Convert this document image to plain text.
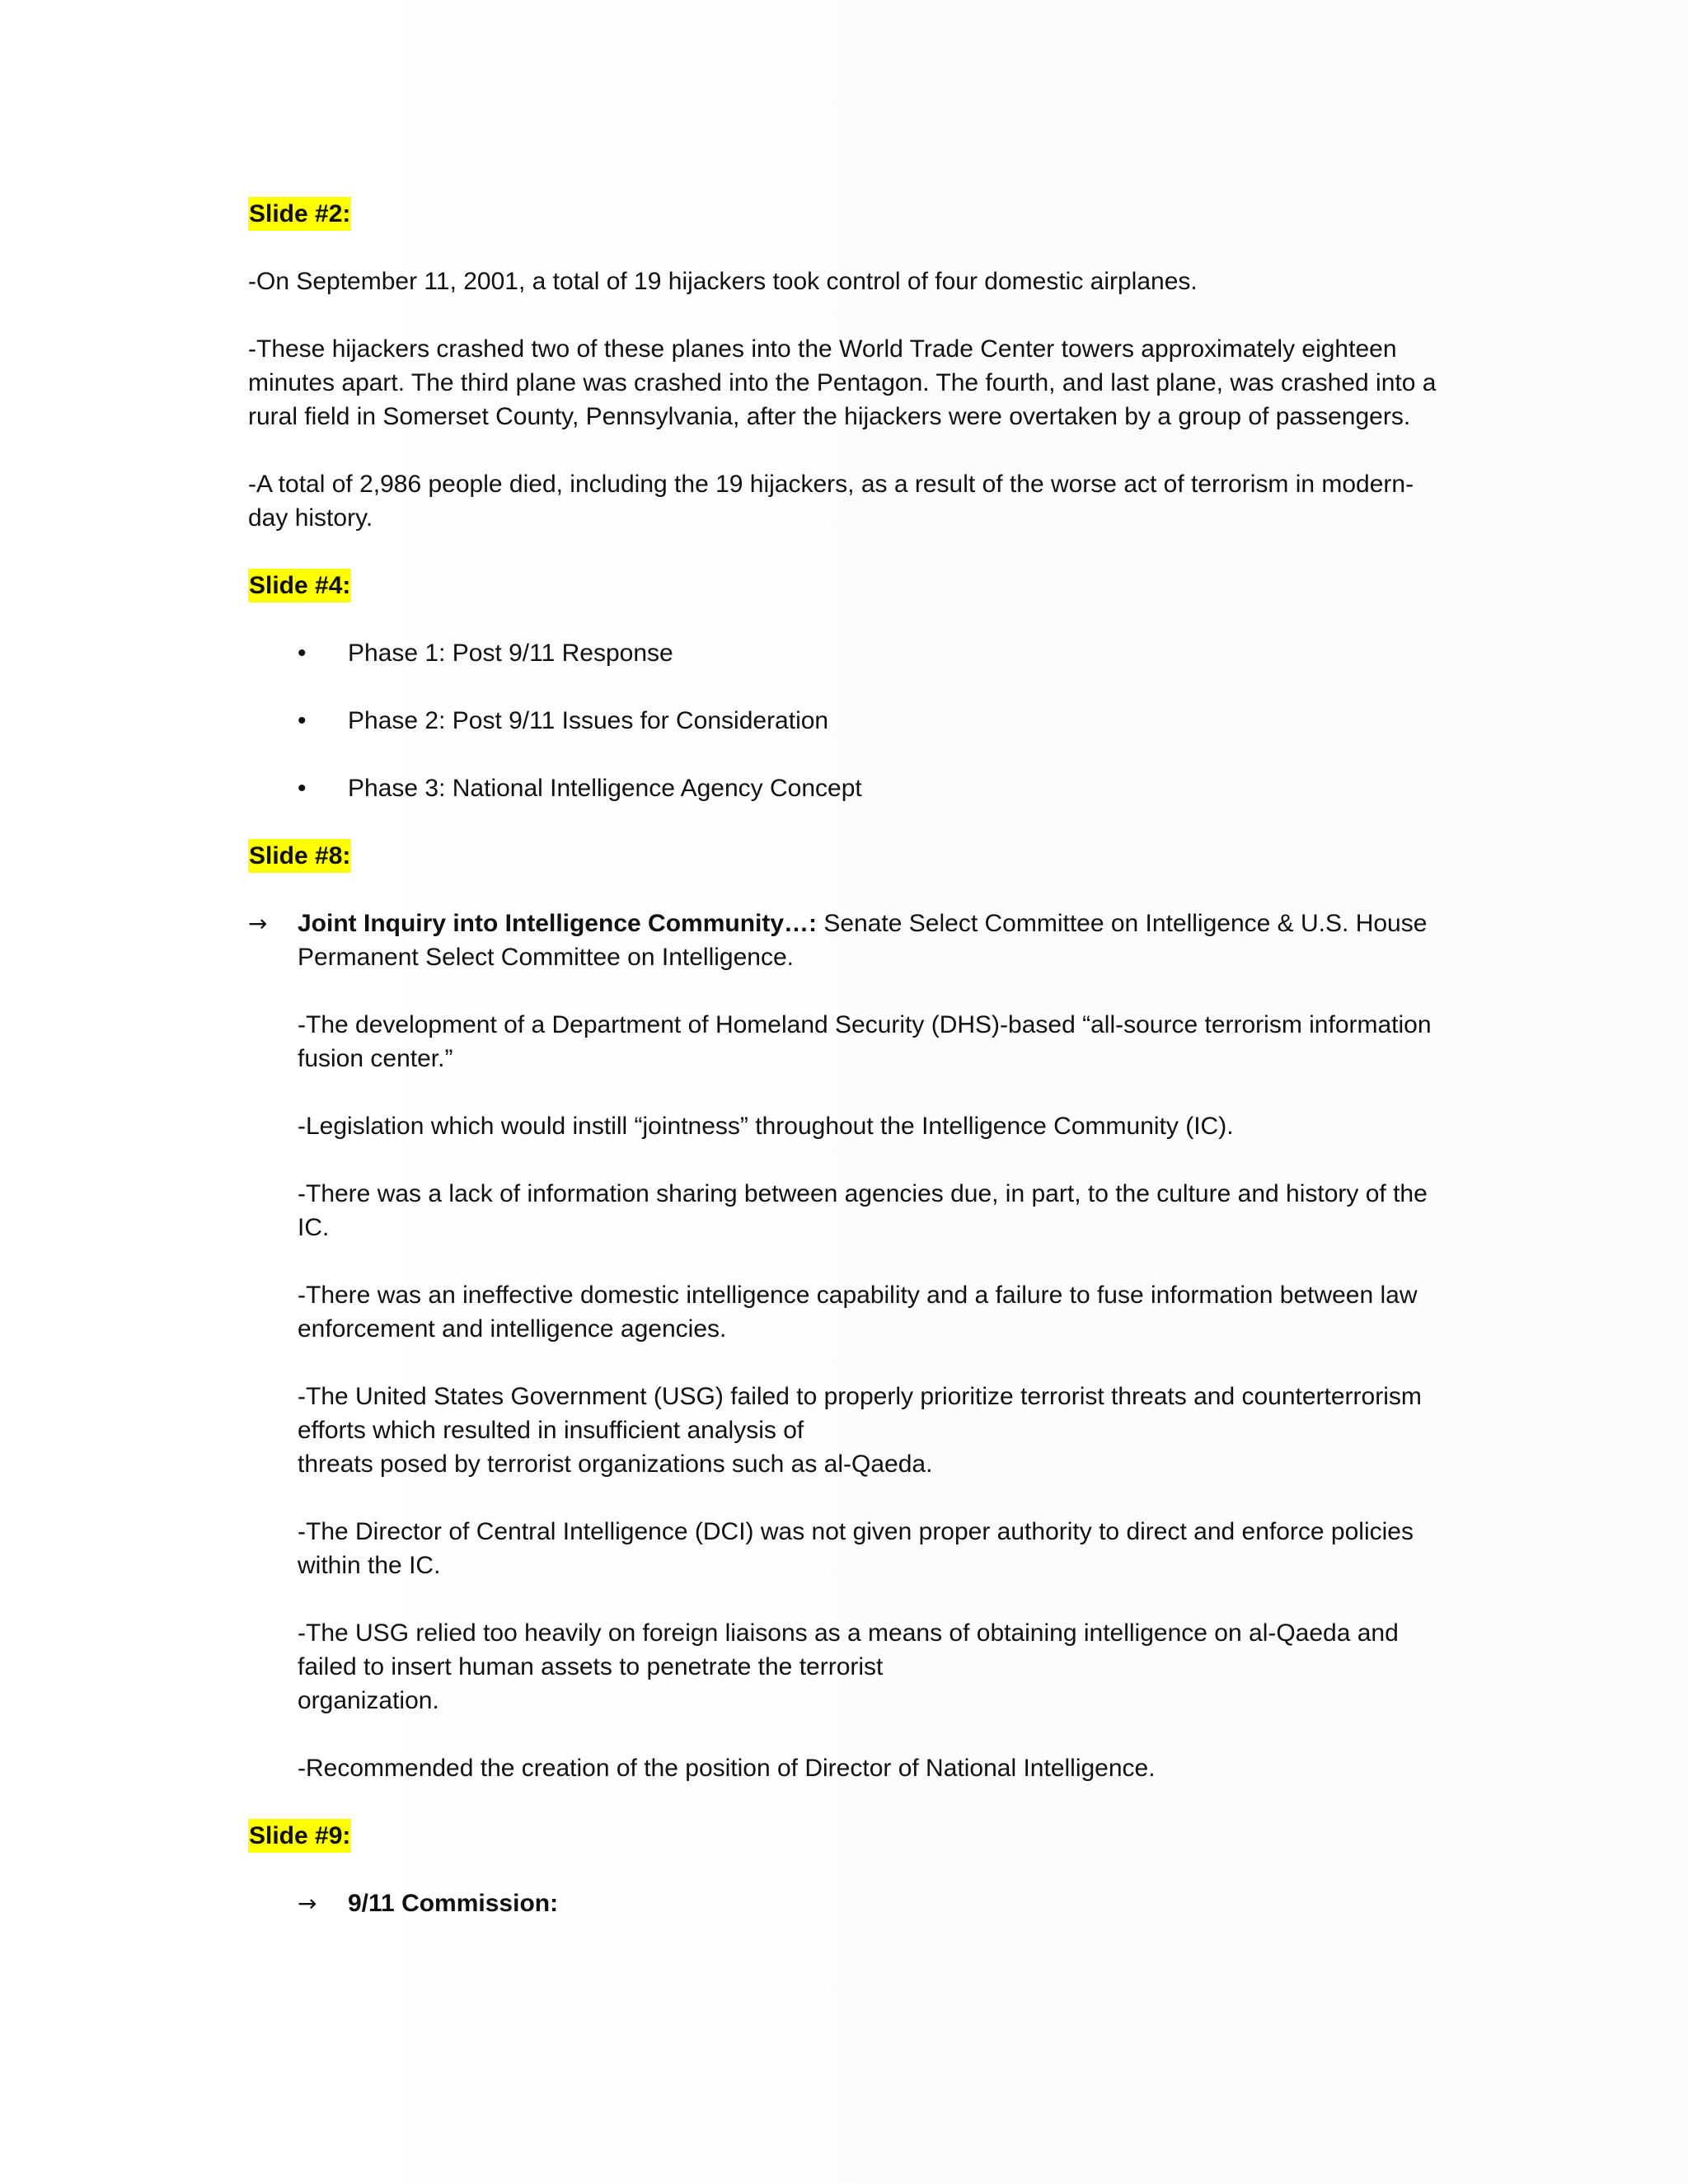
Slide #2:

-On September 11, 2001, a total of 19 hijackers took control of four domestic airplanes.

-These hijackers crashed two of these planes into the World Trade Center towers approximately eighteen minutes apart. The third plane was crashed into the Pentagon. The fourth, and last plane, was crashed into a rural field in Somerset County, Pennsylvania, after the hijackers were overtaken by a group of passengers.

-A total of 2,986 people died, including the 19 hijackers, as a result of the worse act of terrorism in modern-day history.

Slide #4:
• Phase 1: Post 9/11 Response
• Phase 2: Post 9/11 Issues for Consideration
• Phase 3: National Intelligence Agency Concept
Slide #8:
→ Joint Inquiry into Intelligence Community…: Senate Select Committee on Intelligence & U.S. House Permanent Select Committee on Intelligence.

-The development of a Department of Homeland Security (DHS)-based “all-source terrorism information fusion center.”

-Legislation which would instill “jointness” throughout the Intelligence Community (IC).

-There was a lack of information sharing between agencies due, in part, to the culture and history of the IC.

-There was an ineffective domestic intelligence capability and a failure to fuse information between law enforcement and intelligence agencies.

-The United States Government (USG) failed to properly prioritize terrorist threats and counterterrorism efforts which resulted in insufficient analysis of

threats posed by terrorist organizations such as al-Qaeda.

-The Director of Central Intelligence (DCI) was not given proper authority to direct and enforce policies within the IC.

-The USG relied too heavily on foreign liaisons as a means of obtaining intelligence on al-Qaeda and failed to insert human assets to penetrate the terrorist

organization.

-Recommended the creation of the position of Director of National Intelligence.

Slide #9:
→ 9/11 Commission:
